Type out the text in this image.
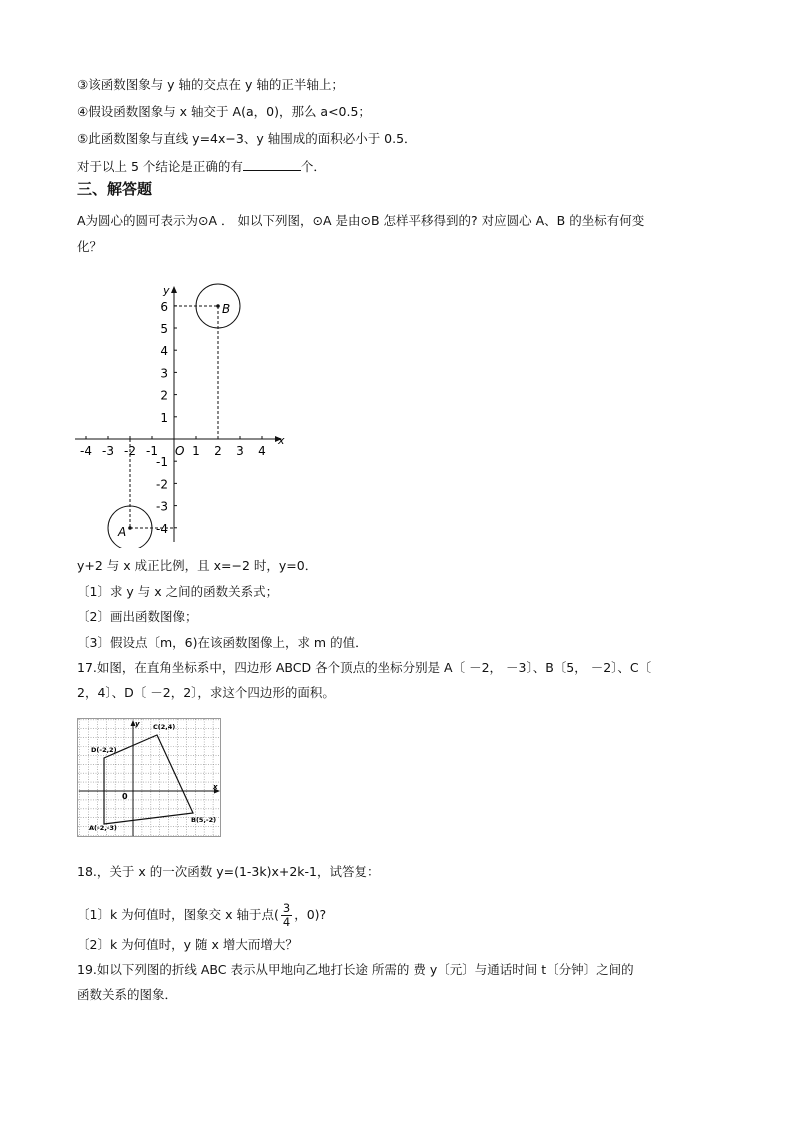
③该函数图象与 y 轴的交点在 y 轴的正半轴上；
④假设函数图象与 x 轴交于 A(a，0)，那么 a<0.5；
⑤此函数图象与直线 y=4x−3、y 轴围成的面积必小于 0.5．
对于以上 5 个结论是正确的有	个．
三、解答题
A为圆心的圆可表示为⊙A ． 如以下列图，⊙A 是由⊙B 怎样平移得到的? 对应圆心 A、B 的坐标有何变
化？
-4 -3 -2 -1	1 2 3 4
6
5
4
3
2
1
-1
-2
-3
-4
x
y
O
B
A
y+2 与 x 成正比例，且 x=−2 时，y=0．
〔1〕求 y 与 x 之间的函数关系式；
〔2〕画出函数图像；
〔3〕假设点〔m，6)在该函数图像上，求 m 的值．
17.如图，在直角坐标系中，四边形 ABCD 各个顶点的坐标分别是 A〔 －2， －3〕、B〔5， －2〕、C〔
2，4〕、D〔 －2，2〕，求这个四边形的面积。
x
y
0
A(-2,-3)
B(5,-2)
C(2,4)
D(-2,2)
18.，关于 x 的一次函数 y=(1-3k)x+2k-1，试答复：
〔1〕k 为何值时，图象交 x 轴于点( $\frac{3}{4}$ ，0)?
〔2〕k 为何值时，y 随 x 增大而增大？
19.如以下列图的折线 ABC 表示从甲地向乙地打长途 所需的 费 y〔元〕与通话时间 t〔分钟〕之间的
函数关系的图象．
